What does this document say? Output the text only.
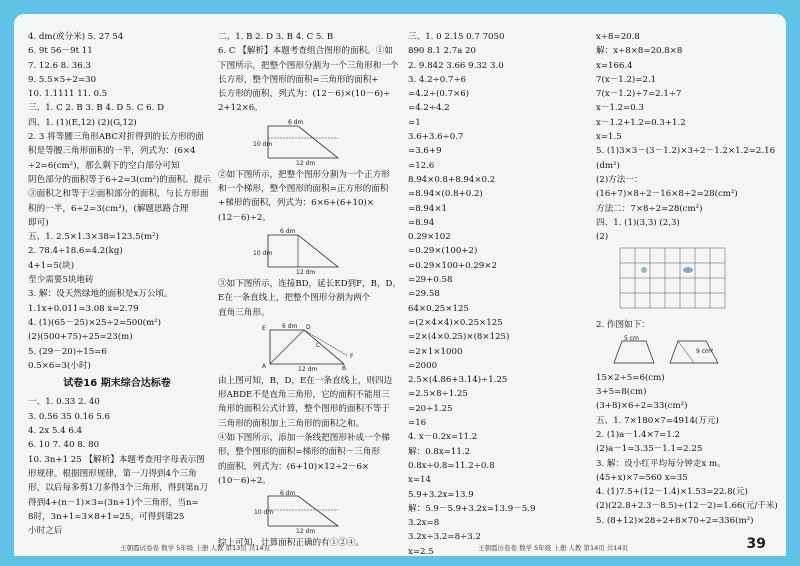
4. dm(或分米) 5. 27 54
6. 9t 56－9t 11
7. 12.6 8. 36.3
9. 5.5×5÷2=30
10. 1.1111 11. 0.5
三、1. C 2. B 3. B 4. D 5. C 6. D
四、1. (1)(E,12) (2)(G,12)
2. 3 将等腰三角形ABC对折得到的长方形的面
积是等腰三角形面积的一半，列式为：(6×4
÷2=6(cm²)，那么剩下的空白部分可知
阴色部分的面积等于6÷2=3(cm²)的面积。提示
③面积之和等于②面积部分的面积，与长方形面
积的一半，6÷2=3(cm²)，(解题思路合理
即可)
五、1. 2.5×1.3×38=123.5(m²)
2. 78.4÷18.6=4.2(kg)
4+1=5(块)
至少需要5块地砖
3. 解：设天然绿地的面积是x万公顷。
1.1x+0.011=3.08 x=2.79
4. (1)(65－25)×25÷2=500(m²)
(2)(500+75)÷25=23(m)
5. (29－20)÷15=6
0.5×6=3(小时)
试卷16 期末综合达标卷
一、1. 0.33 2. 40
3. 0.56 35 0.16 5.6
4. 2x 5.4 6.4
6. 10 7. 40 8. 80
10. 3n+1 25 【解析】本题考查用字母表示图
形规律。根据图形规律，第一刀得到4个三角
形，以后每多剪1刀多得3个三角形，得到第n刀
得到4+(n－1)×3=(3n+1)个三角形，当n=
8时，3n+1=3×8+1=25，可得到第25
小时之后
二、1. B 2. D 3. B 4. C 5. B
6. C 【解析】本题考查组合图形的面积。①如
下图所示，把整个图形分割为一个三角形和一个
长方形，整个图形的面积=三角形的面积+
长方形的面积，列式为：(12－6)×(10－6)÷
2+12×6。
6 dm
10 dm
12 dm
②如下图所示，把整个图形分割为一个正方形
和一个梯形，整个图形的面积=正方形的面积
+梯形的面积，列式为：6×6+(6+10)×
(12－6)÷2。
6 dm
10 dm
12 dm
③如下图所示，连接BD，延长ED到F，B，D，
E在一条直线上，把整个图形分割为两个
直角三角形。
E
A
D
B
F
C
6 dm
12 dm
由上图可知，B，D，E在一条直线上，则四边
形ABDE不是直角三角形，它的面积不能用三
角形的面积公式计算，整个图形的面积不等于
三角形的面积加上三角形的面积之和。
④如下图所示，添加一条线把图形补成一个梯
形，整个图形的面积=梯形的面积－三角形
的面积，列式为：(6+10)×12÷2－6×
(10－6)÷2。
6 dm
10 dm
12 dm
综上可知，计算面积正确的有①②④。
三、1. 0 2.15 0.7 7050
890 8.1 2.7a 20
2. 9.842 3.66 9.32 3.0
3. 4.2÷0.7÷6
=4.2÷(0.7×6)
=4.2÷4.2
=1
3.6+3.6÷0.7
=3.6+9
=12.6
8.94×0.8+8.94×0.2
=8.94×(0.8+0.2)
=8.94×1
=8.94
0.29×102
=0.29×(100+2)
=0.29×100+0.29×2
=29+0.58
=29.58
64×0.25×125
=(2×4×4)×0.25×125
=2×(4×0.25)×(8×125)
=2×1×1000
=2000
2.5×(4.86+3.14)÷1.25
=2.5×8÷1.25
=20÷1.25
=16
4. x－0.2x=11.2
解：0.8x=11.2
0.8x÷0.8=11.2÷0.8
x=14
5.9+3.2x=13.9
解：5.9－5.9+3.2x=13.9－5.9
3.2x=8
3.2x÷3.2=8÷3.2
x=2.5
x÷8=20.8
解：x÷8×8=20.8×8
x=166.4
7(x－1.2)=2.1
7(x－1.2)÷7=2.1÷7
x－1.2=0.3
x－1.2+1.2=0.3+1.2
x=1.5
5. (1)3×3－(3－1.2)×3÷2－1.2×1.2=2.16
(dm²)
(2)方法一：
(16+7)×8÷2－16×8÷2=28(cm²)
方法二：7×8÷2=28(cm²)
四、1. (1)(3,3) (2,3)
(2)
2. 作图如下：
5 cm
9 cm²
15×2÷5=6(cm)
3+5=8(cm)
(3+8)×6÷2=33(cm²)
五、1. 7×180×7=4914(万元)
2. (1)a－1.4×7=1.2
(2)a－1=3.35－1.1=2.25
3. 解：设小红平均每分钟走x m。
(45+x)×7=560 x=35
4. (1)7.5+(12－1.4)×1.53=22.8(元)
(2)(22.8+2.3－8.5)÷(12－2)=1.66(元/千米)
5. (8+12)×28÷2+8×70÷2=336(m²)
王朝霞试卷卷 数学 5年级 上册 人教 第13页 共14页	王朝霞历卷卷 数学 5年级 上册 人教 第14页 共14页	39
